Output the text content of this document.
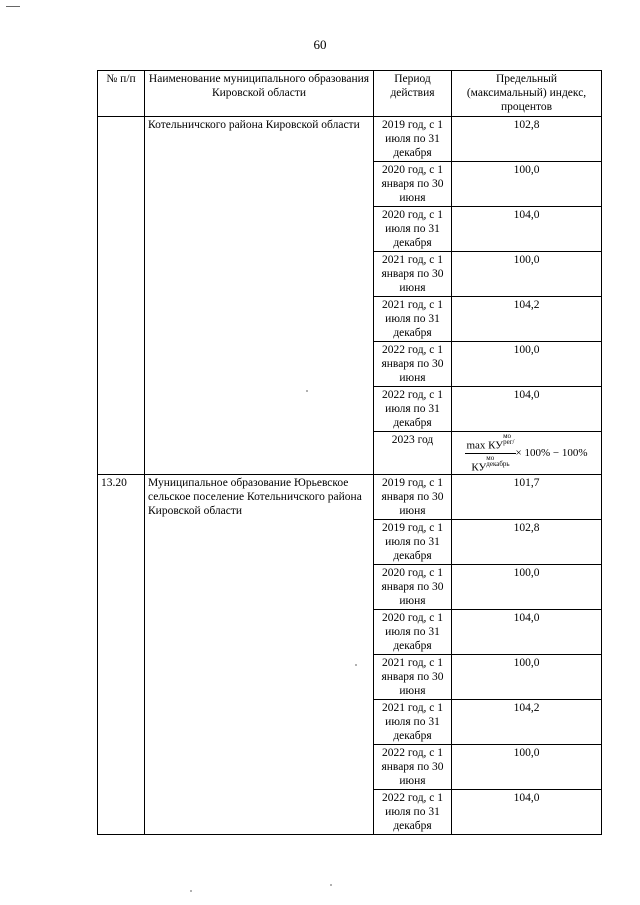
60
№ п/п	Наименование муниципального образования Кировской области	Период действия	Предельный (максимальный) индекс, процентов
	Котельничского района Кировской области	2019 год, с 1 июля по 31 декабря	102,8
		2020 год, с 1 января по 30 июня	100,0
		2020 год, с 1 июля по 31 декабря	104,0
		2021 год, с 1 января по 30 июня	100,0
		2021 год, с 1 июля по 31 декабря	104,2
		2022 год, с 1 января по 30 июня	100,0
		2022 год, с 1 июля по 31 декабря	104,0
		2023 год	max КУмо
рег/
КУмо
декабрь
× 100% − 100%

13.20	Муниципальное образование Юрьевское сельское поселение Котельничского района Кировской области	2019 год, с 1 января по 30 июня	101,7
		2019 год, с 1 июля по 31 декабря	102,8
		2020 год, с 1 января по 30 июня	100,0
		2020 год, с 1 июля по 31 декабря	104,0
		2021 год, с 1 января по 30 июня	100,0
		2021 год, с 1 июля по 31 декабря	104,2
		2022 год, с 1 января по 30 июня	100,0
		2022 год, с 1 июля по 31 декабря	104,0
